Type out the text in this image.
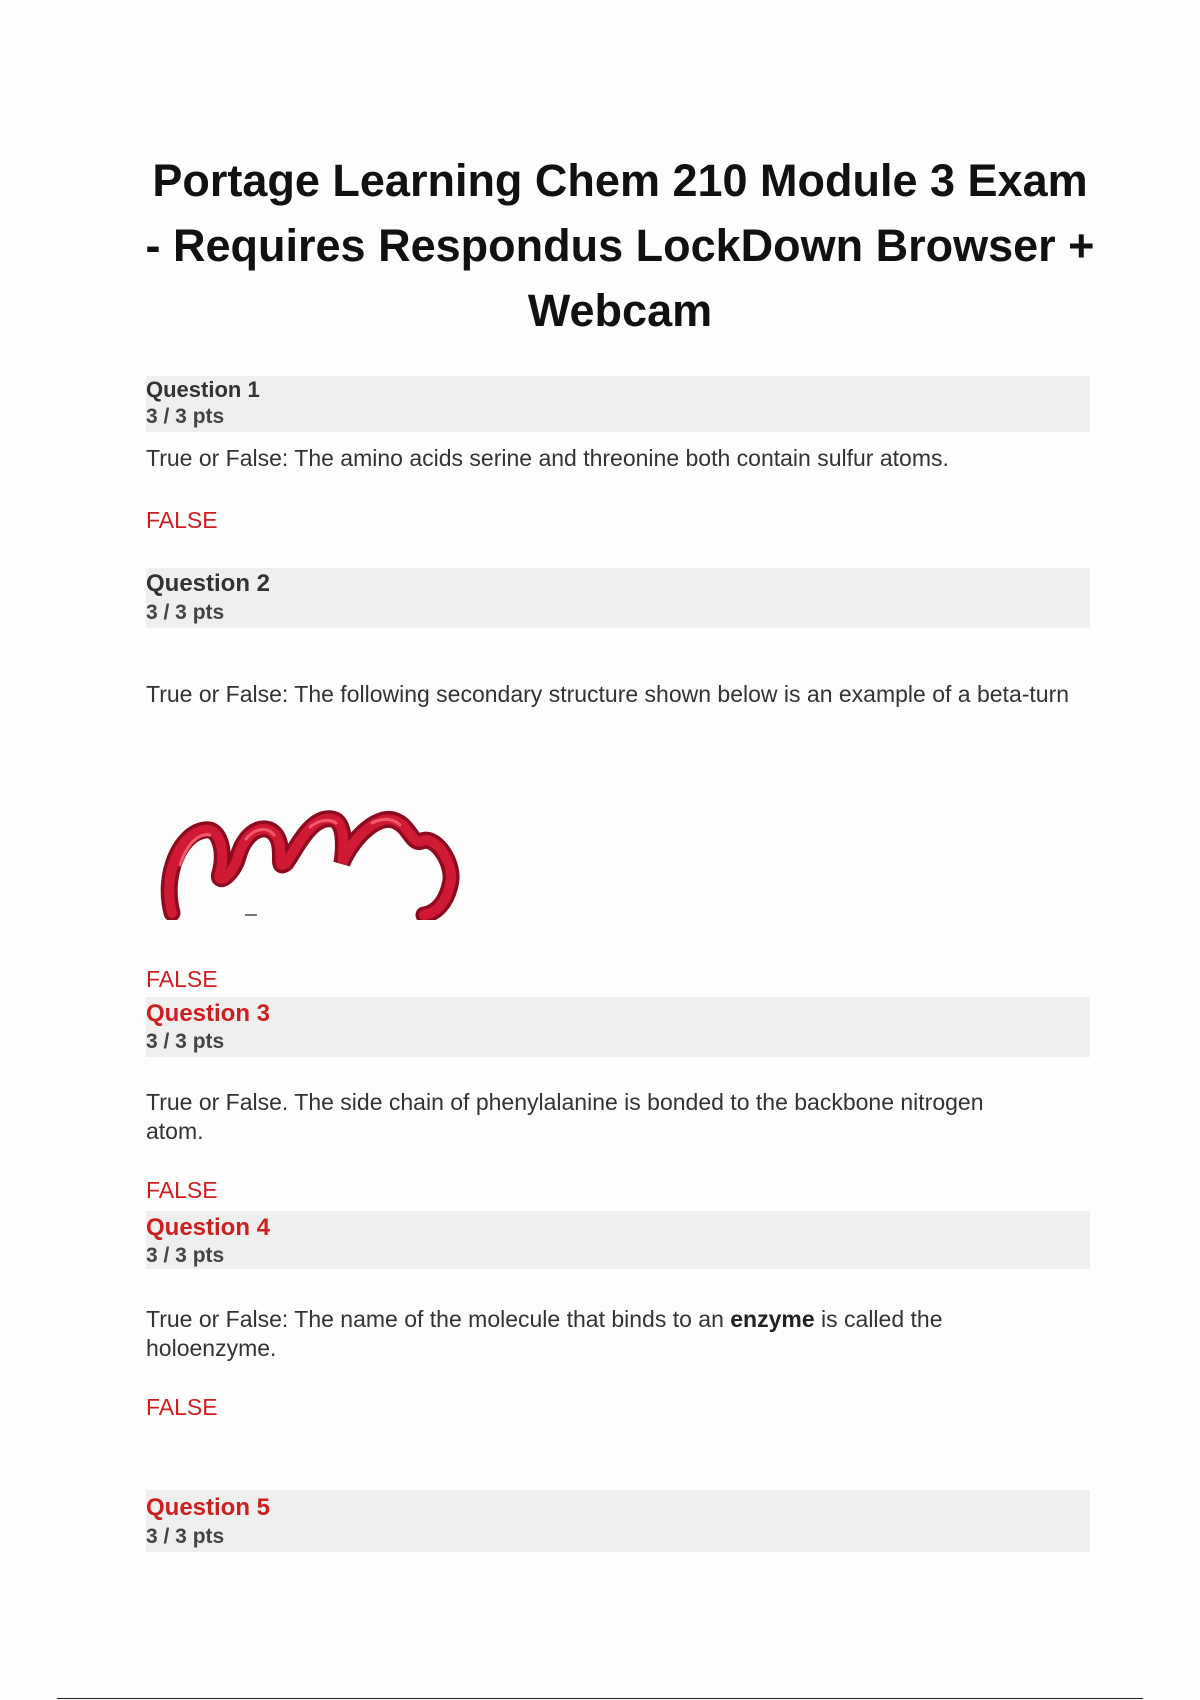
Portage Learning Chem 210 Module 3 Exam - Requires Respondus LockDown Browser + Webcam
Question 1
3 / 3 pts

True or False: The amino acids serine and threonine both contain sulfur atoms.

FALSE
Question 2
3 / 3 pts

True or False: The following secondary structure shown below is an example of a beta-turn

FALSE
Question 3
3 / 3 pts

True or False. The side chain of phenylalanine is bonded to the backbone nitrogen atom.

FALSE
Question 4
3 / 3 pts

True or False: The name of the molecule that binds to an enzyme is called the holoenzyme.

FALSE
Question 5
3 / 3 pts
